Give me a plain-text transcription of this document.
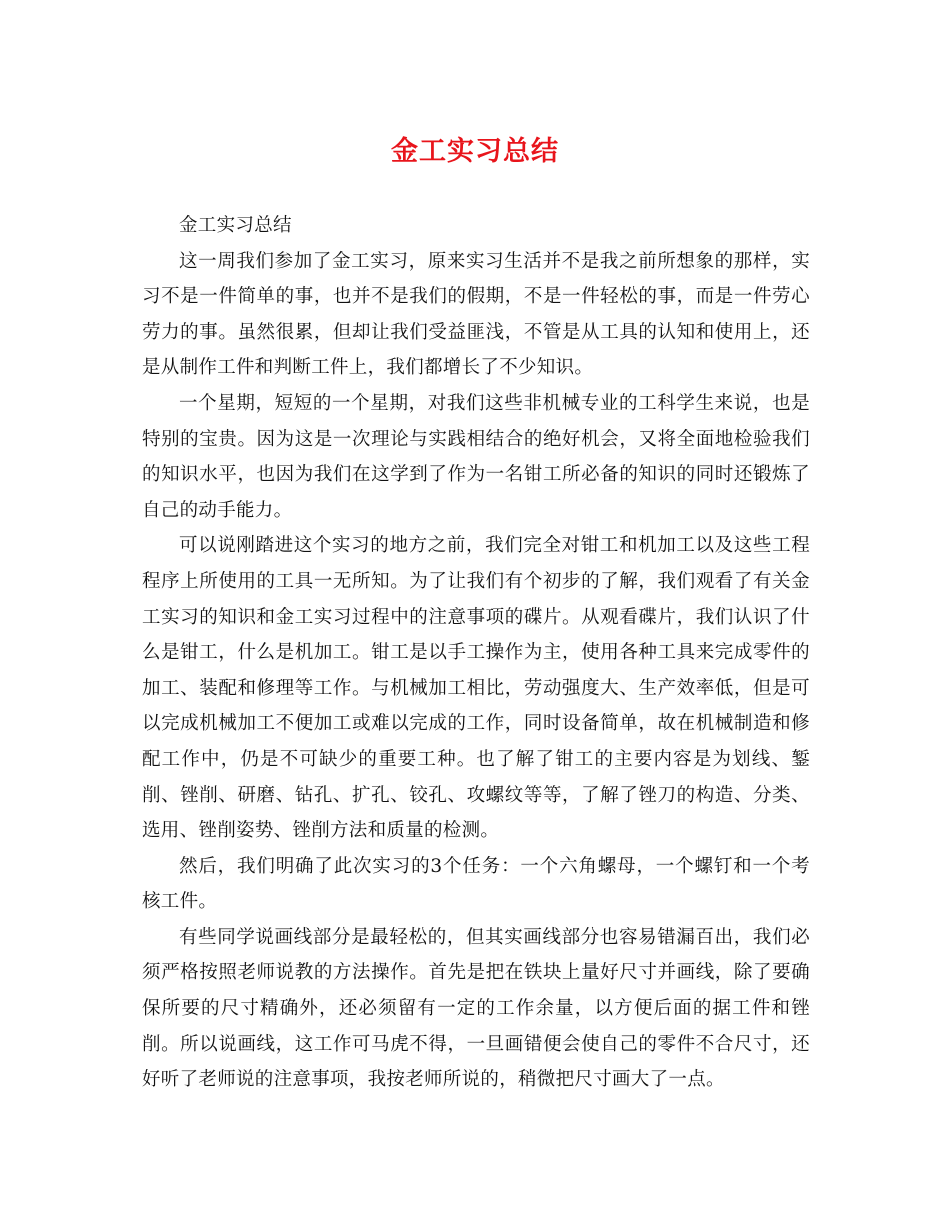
金工实习总结

金工实习总结

这一周我们参加了金工实习，原来实习生活并不是我之前所想象的那样，实习不是一件简单的事，也并不是我们的假期，不是一件轻松的事，而是一件劳心劳力的事。虽然很累，但却让我们受益匪浅，不管是从工具的认知和使用上，还是从制作工件和判断工件上，我们都增长了不少知识。

一个星期，短短的一个星期，对我们这些非机械专业的工科学生来说，也是特别的宝贵。因为这是一次理论与实践相结合的绝好机会，又将全面地检验我们的知识水平，也因为我们在这学到了作为一名钳工所必备的知识的同时还锻炼了自己的动手能力。

可以说刚踏进这个实习的地方之前，我们完全对钳工和机加工以及这些工程程序上所使用的工具一无所知。为了让我们有个初步的了解，我们观看了有关金工实习的知识和金工实习过程中的注意事项的碟片。从观看碟片，我们认识了什么是钳工，什么是机加工。钳工是以手工操作为主，使用各种工具来完成零件的加工、装配和修理等工作。与机械加工相比，劳动强度大、生产效率低，但是可以完成机械加工不便加工或难以完成的工作，同时设备简单，故在机械制造和修配工作中，仍是不可缺少的重要工种。也了解了钳工的主要内容是为划线、錾削、锉削、研磨、钻孔、扩孔、铰孔、攻螺纹等等，了解了锉刀的构造、分类、选用、锉削姿势、锉削方法和质量的检测。

然后，我们明确了此次实习的3个任务：一个六角螺母，一个螺钉和一个考核工件。

有些同学说画线部分是最轻松的，但其实画线部分也容易错漏百出，我们必须严格按照老师说教的方法操作。首先是把在铁块上量好尺寸并画线，除了要确保所要的尺寸精确外，还必须留有一定的工作余量，以方便后面的据工件和锉削。所以说画线，这工作可马虎不得，一旦画错便会使自己的零件不合尺寸，还好听了老师说的注意事项，我按老师所说的，稍微把尺寸画大了一点。
